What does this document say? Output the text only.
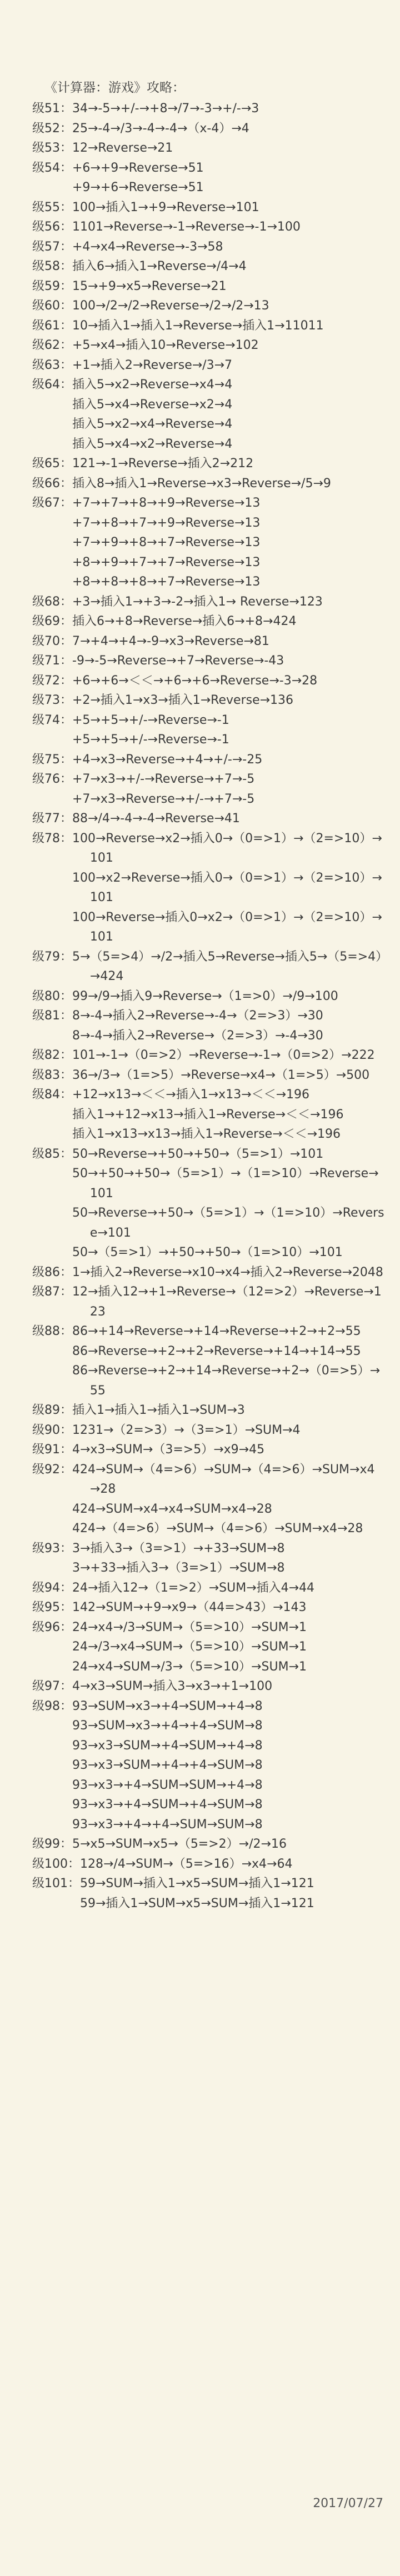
《计算器：游戏》攻略：
级51： 34→-5→+/-→+8→/7→-3→+/-→3
级52： 25→-4→/3→-4→-4→（x-4）→4
级53： 12→Reverse→21
级54： +6→+9→Reverse→51
+9→+6→Reverse→51
级55： 100→插入1→+9→Reverse→101
级56： 1101→Reverse→-1→Reverse→-1→100
级57： +4→x4→Reverse→-3→58
级58： 插入6→插入1→Reverse→/4→4
级59： 15→+9→x5→Reverse→21
级60： 100→/2→/2→Reverse→/2→/2→13
级61： 10→插入1→插入1→Reverse→插入1→11011
级62： +5→x4→插入10→Reverse→102
级63： +1→插入2→Reverse→/3→7
级64： 插入5→x2→Reverse→x4→4
插入5→x4→Reverse→x2→4
插入5→x2→x4→Reverse→4
插入5→x4→x2→Reverse→4
级65： 121→-1→Reverse→插入2→212
级66： 插入8→插入1→Reverse→x3→Reverse→/5→9
级67： +7→+7→+8→+9→Reverse→13
+7→+8→+7→+9→Reverse→13
+7→+9→+8→+7→Reverse→13
+8→+9→+7→+7→Reverse→13
+8→+8→+8→+7→Reverse→13
级68： +3→插入1→+3→-2→插入1→ Reverse→123
级69： 插入6→+8→Reverse→插入6→+8→424
级70： 7→+4→+4→-9→x3→Reverse→81
级71： -9→-5→Reverse→+7→Reverse→-43
级72： +6→+6→＜＜→+6→+6→Reverse→-3→28
级73： +2→插入1→x3→插入1→Reverse→136
级74： +5→+5→+/-→Reverse→-1
+5→+5→+/-→Reverse→-1
级75： +4→x3→Reverse→+4→+/-→-25
级76： +7→x3→+/-→Reverse→+7→-5
+7→x3→Reverse→+/-→+7→-5
级77： 88→/4→-4→-4→Reverse→41
级78： 100→Reverse→x2→插入0→（0=>1）→（2=>10）→101
100→x2→Reverse→插入0→（0=>1）→（2=>10）→101
100→Reverse→插入0→x2→（0=>1）→（2=>10）→101
级79： 5→（5=>4）→/2→插入5→Reverse→插入5→（5=>4）→424
级80： 99→/9→插入9→Reverse→（1=>0）→/9→100
级81： 8→-4→插入2→Reverse→-4→（2=>3）→30
8→-4→插入2→Reverse→（2=>3）→-4→30
级82： 101→-1→（0=>2）→Reverse→-1→（0=>2）→222
级83： 36→/3→（1=>5）→Reverse→x4→（1=>5）→500
级84： +12→x13→＜＜→插入1→x13→＜＜→196
插入1→+12→x13→插入1→Reverse→＜＜→196
插入1→x13→x13→插入1→Reverse→＜＜→196
级85： 50→Reverse→+50→+50→（5=>1）→101
50→+50→+50→（5=>1）→（1=>10）→Reverse→101
50→Reverse→+50→（5=>1）→（1=>10）→Reverse→101
50→（5=>1）→+50→+50→（1=>10）→101
级86： 1→插入2→Reverse→x10→x4→插入2→Reverse→2048
级87： 12→插入12→+1→Reverse→（12=>2）→Reverse→123
级88： 86→+14→Reverse→+14→Reverse→+2→+2→55
86→Reverse→+2→+2→Reverse→+14→+14→55
86→Reverse→+2→+14→Reverse→+2→（0=>5）→55
级89： 插入1→插入1→插入1→SUM→3
级90： 1231→（2=>3）→（3=>1）→SUM→4
级91： 4→x3→SUM→（3=>5）→x9→45
级92： 424→SUM→（4=>6）→SUM→（4=>6）→SUM→x4→28
424→SUM→x4→x4→SUM→x4→28
424→（4=>6）→SUM→（4=>6）→SUM→x4→28
级93： 3→插入3→（3=>1）→+33→SUM→8
3→+33→插入3→（3=>1）→SUM→8
级94： 24→插入12→（1=>2）→SUM→插入4→44
级95： 142→SUM→+9→x9→（44=>43）→143
级96： 24→x4→/3→SUM→（5=>10）→SUM→1
24→/3→x4→SUM→（5=>10）→SUM→1
24→x4→SUM→/3→（5=>10）→SUM→1
级97： 4→x3→SUM→插入3→x3→+1→100
级98： 93→SUM→x3→+4→SUM→+4→8
93→SUM→x3→+4→+4→SUM→8
93→x3→SUM→+4→SUM→+4→8
93→x3→SUM→+4→+4→SUM→8
93→x3→+4→SUM→SUM→+4→8
93→x3→+4→SUM→+4→SUM→8
93→x3→+4→+4→SUM→SUM→8
级99： 5→x5→SUM→x5→（5=>2）→/2→16
级100： 128→/4→SUM→（5=>16）→x4→64
级101： 59→SUM→插入1→x5→SUM→插入1→121
59→插入1→SUM→x5→SUM→插入1→121
2017/07/27
